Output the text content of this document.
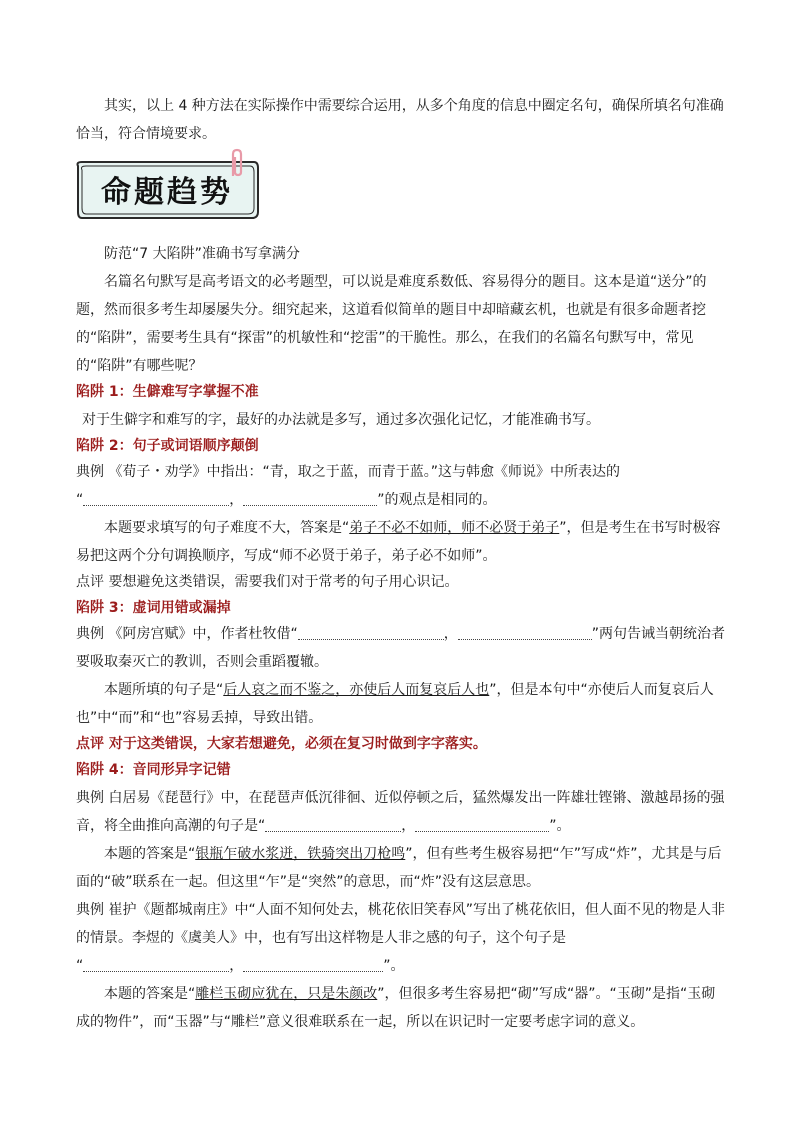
其实，以上 4 种方法在实际操作中需要综合运用，从多个角度的信息中圈定名句，确保所填名句准确恰当，符合情境要求。
命题趋势
防范“7 大陷阱”准确书写拿满分
名篇名句默写是高考语文的必考题型，可以说是难度系数低、容易得分的题目。这本是道“送分”的题，然而很多考生却屡屡失分。细究起来，这道看似简单的题目中却暗藏玄机，也就是有很多命题者挖的“陷阱”，需要考生具有“探雷”的机敏性和“挖雷”的干脆性。那么，在我们的名篇名句默写中，常见的“陷阱”有哪些呢？
陷阱 1：生僻难写字掌握不准
对于生僻字和难写的字，最好的办法就是多写，通过多次强化记忆，才能准确书写。
陷阱 2：句子或词语顺序颠倒
典例 《荀子・劝学》中指出：“青，取之于蓝，而青于蓝。”这与韩愈《师说》中所表达的
“	，	”的观点是相同的。
本题要求填写的句子难度不大，答案是“弟子不必不如师，师不必贤于弟子”，但是考生在书写时极容易把这两个分句调换顺序，写成“师不必贤于弟子，弟子必不如师”。
点评 要想避免这类错误，需要我们对于常考的句子用心识记。
陷阱 3：虚词用错或漏掉
典例 《阿房宫赋》中，作者杜牧借“	，	”两句告诫当朝统治者要吸取秦灭亡的教训，否则会重蹈覆辙。
本题所填的句子是“后人哀之而不鉴之，亦使后人而复哀后人也”，但是本句中“亦使后人而复哀后人也”中“而”和“也”容易丢掉，导致出错。
点评 对于这类错误，大家若想避免，必须在复习时做到字字落实。
陷阱 4：音同形异字记错
典例 白居易《琵琶行》中，在琵琶声低沉徘徊、近似停顿之后，猛然爆发出一阵雄壮铿锵、激越昂扬的强音，将全曲推向高潮的句子是“	，	”。
本题的答案是“银瓶乍破水浆迸，铁骑突出刀枪鸣”，但有些考生极容易把“乍”写成“炸”，尤其是与后面的“破”联系在一起。但这里“乍”是“突然”的意思，而“炸”没有这层意思。
典例 崔护《题都城南庄》中“人面不知何处去，桃花依旧笑春风”写出了桃花依旧，但人面不见的物是人非的情景。李煜的《虞美人》中，也有写出这样物是人非之感的句子，这个句子是
“	，	”。
本题的答案是“雕栏玉砌应犹在，只是朱颜改”，但很多考生容易把“砌”写成“器”。“玉砌”是指“玉砌成的物件”，而“玉器”与“雕栏”意义很难联系在一起，所以在识记时一定要考虑字词的意义。
